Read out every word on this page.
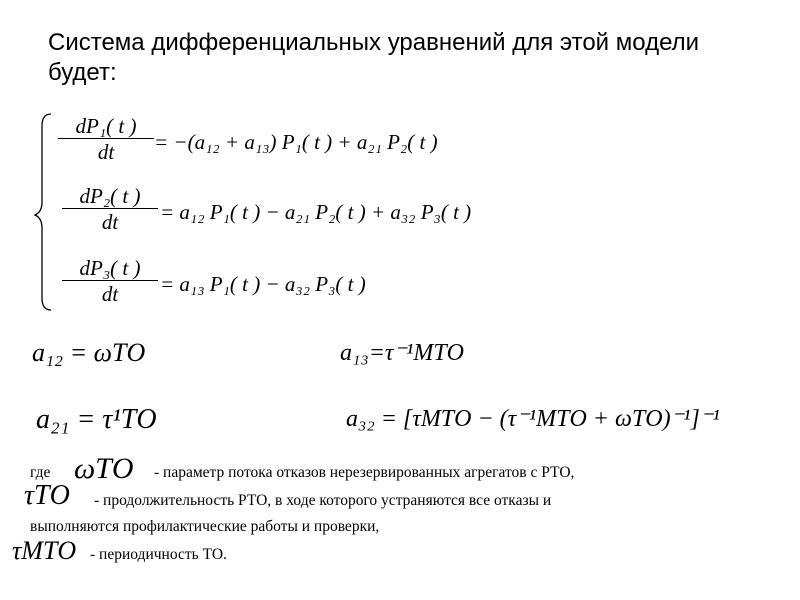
Система дифференциальных уравнений для этой модели будет:
dP₁( t )
dt	= −(a₁₂ + a₁₃) P₁( t ) + a₂₁ P₂( t )
dP₂( t )
dt	= a₁₂ P₁( t ) − a₂₁ P₂( t ) + a₃₂ P₃( t )
dP₃( t )
dt	= a₁₃ P₁( t ) − a₃₂ P₃( t )
a₁₂ = ωТО	a₁₃=τ⁻¹МТО
a₂₁ = τ¹ТО	a₃₂ = [τМТО − (τ⁻¹МТО + ωТО)⁻¹]⁻¹
где ωТО - параметр потока отказов нерезервированных агрегатов с РТО,
τТО - продолжительность РТО, в ходе которого устраняются все отказы и
выполняются профилактические работы и проверки,
τМТО - периодичность ТО.
